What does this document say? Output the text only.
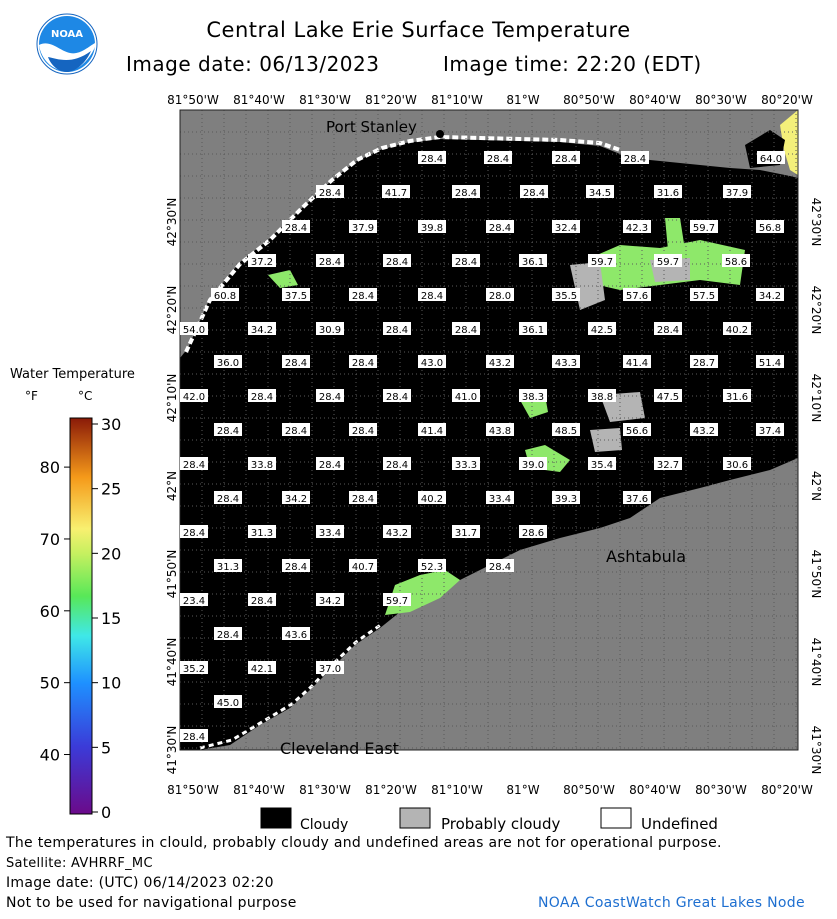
NOAA	Central Lake Erie Surface Temperature
Image date: 06/13/2023	Image time: 22:20 (EDT)
Port Stanley
Ashtabula
Cleveland East
28.4	28.4	28.4	28.4
28.4	41.7	28.4	28.4	34.5	31.6	37.9
28.4	37.9	39.8	28.4	32.4	42.3	59.7	56.8
37.2	28.4	28.4	28.4	36.1	59.7	59.7	58.6
60.8	37.5	28.4	28.4	28.0	35.5	57.6	57.5	34.2
54.0	34.2	30.9	28.4	28.4	36.1	42.5	28.4	40.2
36.0	28.4	28.4	43.0	43.2	43.3	41.4	28.7	51.4
42.0	28.4	28.4	28.4	41.0	38.3	38.8	47.5	31.6
28.4	28.4	28.4	41.4	43.8	48.5	56.6	43.2	37.4
28.4	33.8	28.4	28.4	33.3	39.0	35.4	32.7	30.6
28.4	34.2	28.4	40.2	33.4	39.3	37.6
28.4	31.3	33.4	43.2	31.7	28.6
31.3	28.4	40.7	52.3	28.4
23.4	28.4	34.2	59.7
28.4	43.6
35.2	42.1	37.0
45.0
28.4
64.0
81°50'W
81°50'W
81°40'W
81°40'W
81°30'W
81°30'W
81°20'W
81°20'W
81°10'W
81°10'W
81°W
81°W
80°50'W
80°50'W
80°40'W
80°40'W
80°30'W
80°30'W
80°20'W
80°20'W
42°30'N	42°30'N
42°20'N	42°20'N
42°10'N	42°10'N
42°N	42°N
41°50'N	41°50'N
41°40'N	41°40'N
41°30'N	41°30'N
30
25
20
15
10
5
0
80
70
60
50
40
°F	°C
Cloudy	Probably cloudy	Undefined
Water Temperature
The temperatures in clould, probably cloudy and undefined areas are not for operational purpose.
Satellite: AVHRRF_MC
Image date: (UTC) 06/14/2023 02:20
Not to be used for navigational purpose	NOAA CoastWatch Great Lakes Node
